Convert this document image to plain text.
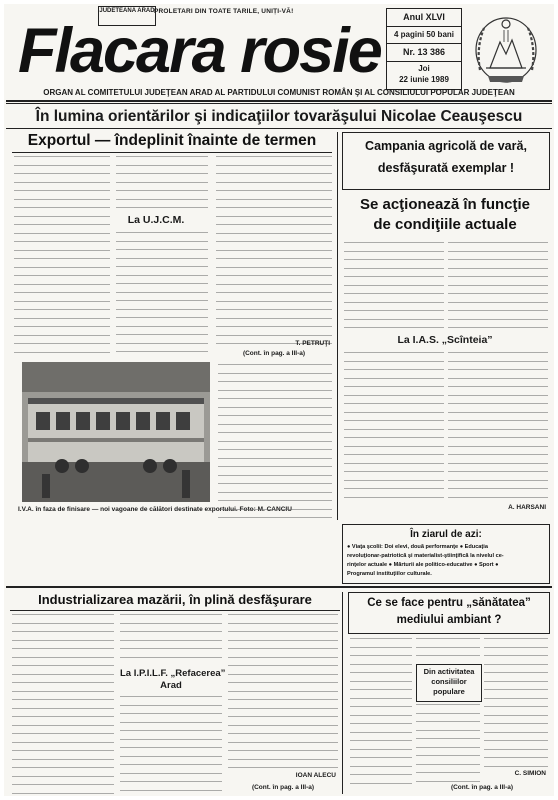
JUDETEANA ARAD PROLETARI DIN TOATE TARILE, UNIȚI-VĂ!
Flacara rosie	Anul XLVI
4 pagini 50 bani
Nr. 13 386
Joi
22 iunie 1989
ORGAN AL COMITETULUI JUDEŢEAN ARAD AL PARTIDULUI COMUNIST ROMÂN ŞI AL CONSILIULUI POPULAR JUDEŢEAN
În lumina orientărilor şi indicaţiilor tovarăşului Nicolae Ceauşescu
Exportul — îndeplinit înainte de termen
La U.J.C.M.
T. PETRUŢI
(Cont. în pag. a III-a)
I.V.A. în faza de finisare — noi vagoane de călători destinate exportului. Foto: M. CANCIU
Campania agricolă de vară,
desfăşurată exemplar !
Se acţionează în funcţie
de condiţiile actuale
La I.A.S. „Scînteia”
A. HARSANI
În ziarul de azi:
● Viaţa şcolii: Doi elevi, două performanţe ● Educaţia
revoluţionar-patriotică şi materialist-ştiinţifică la nivelul ce-
rinţelor actuale ● Mărturii ale politico-educative ● Sport ●
Programul instituţiilor culturale.
Industrializarea mazării, în plină desfăşurare
La I.P.I.L.F. „Refacerea”
Arad
IOAN ALECU
(Cont. în pag. a III-a)
Ce se face pentru „sănătatea”
mediului ambiant ?
Din activitatea
consiliilor
populare
C. SIMION
(Cont. în pag. a III-a)
